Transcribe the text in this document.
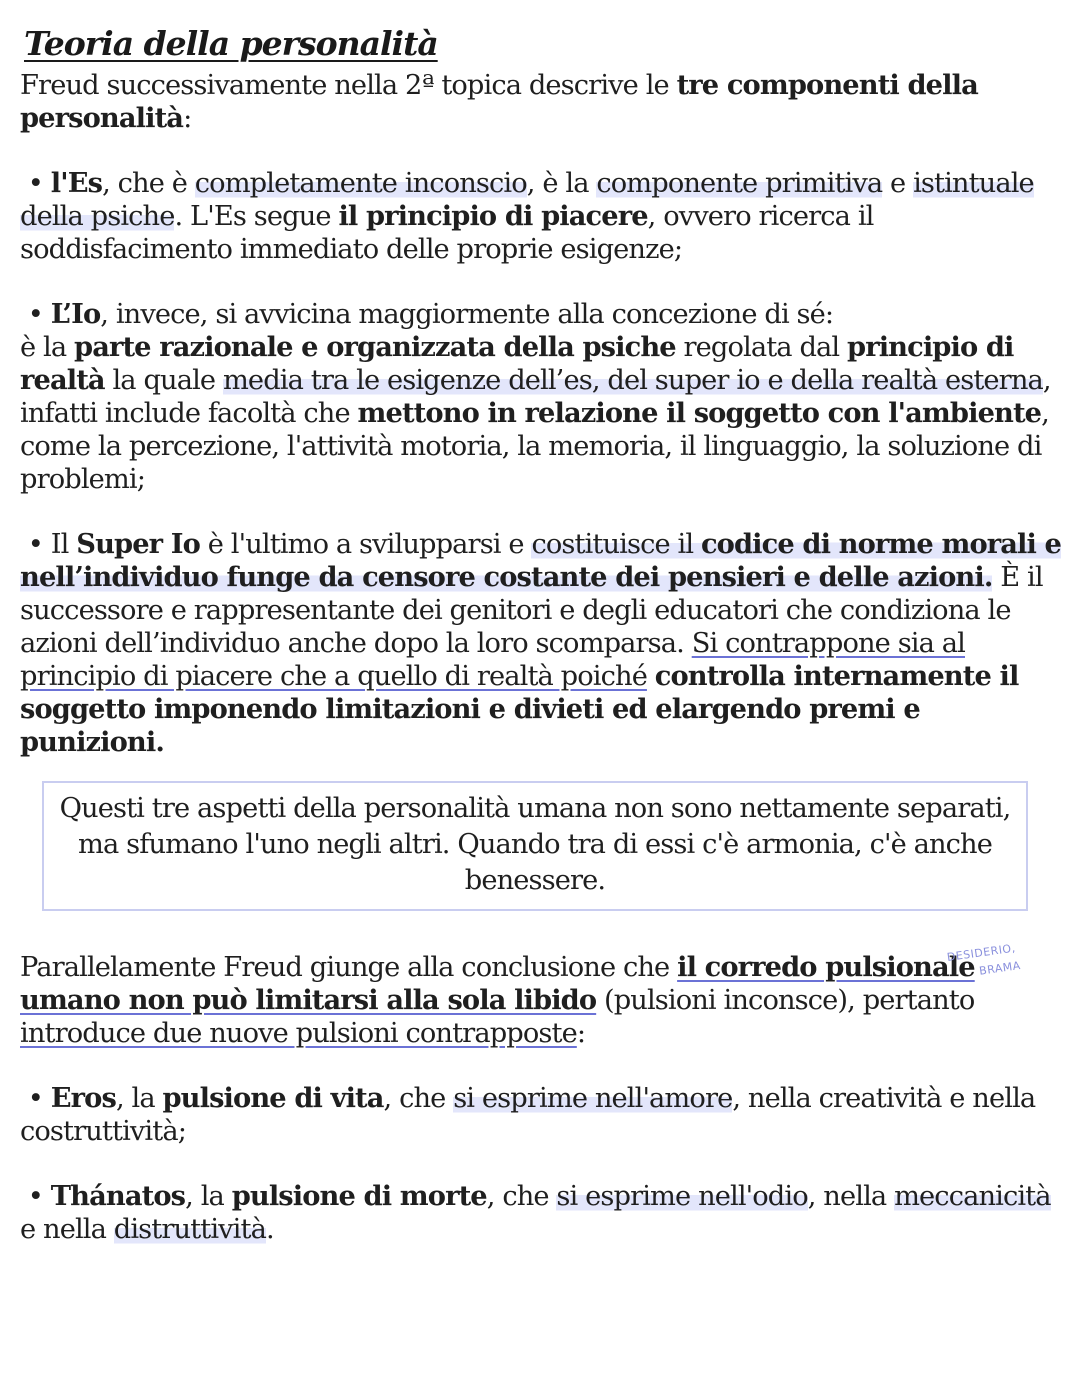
Teoria della personalità

Freud successivamente nella 2ª topica descrive le tre componenti della personalità:

• l'Es, che è completamente inconscio, è la componente primitiva e istintuale della psiche. L'Es segue il principio di piacere, ovvero ricerca il soddisfacimento immediato delle proprie esigenze;

• L’Io, invece, si avvicina maggiormente alla concezione di sé:
è la parte razionale e organizzata della psiche regolata dal principio di realtà la quale media tra le esigenze dell’es, del super io e della realtà esterna, infatti include facoltà che mettono in relazione il soggetto con l'ambiente, come la percezione, l'attività motoria, la memoria, il linguaggio, la soluzione di problemi;

• Il Super Io è l'ultimo a svilupparsi e costituisce il codice di norme morali e nell’individuo funge da censore costante dei pensieri e delle azioni. È il successore e rappresentante dei genitori e degli educatori che condiziona le azioni dell’individuo anche dopo la loro scomparsa. Si contrappone sia al principio di piacere che a quello di realtà poiché controlla internamente il soggetto imponendo limitazioni e divieti ed elargendo premi e punizioni.

Questi tre aspetti della personalità umana non sono nettamente separati, ma sfumano l'uno negli altri. Quando tra di essi c'è armonia, c'è anche benessere.

Parallelamente Freud giunge alla conclusione che il corredo pulsionale umano non può limitarsi alla sola libido (pulsioni inconsce), pertanto introduce due nuove pulsioni contrapposte:

• Eros, la pulsione di vita, che si esprime nell'amore, nella creatività e nella costruttività;

• Thánatos, la pulsione di morte, che si esprime nell'odio, nella meccanicità e nella distruttività.

DESIDERIO,
BRAMA
